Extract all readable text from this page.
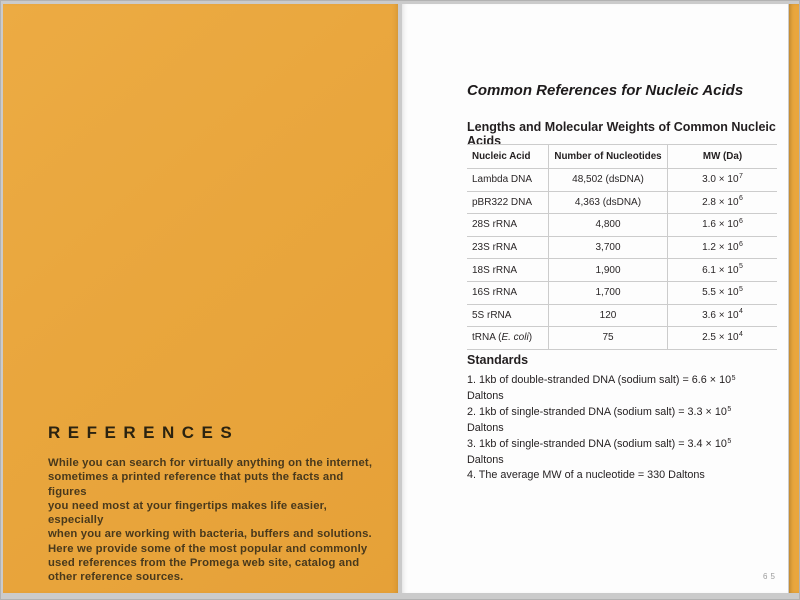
REFERENCES
While you can search for virtually anything on the internet,
sometimes a printed reference that puts the facts and figures
you need most at your fingertips makes life easier, especially
when you are working with bacteria, buffers and solutions.
Here we provide some of the most popular and commonly
used references from the Promega web site, catalog and
other reference sources.
Common References for Nucleic Acids
Lengths and Molecular Weights of Common Nucleic Acids
Nucleic Acid	Number of Nucleotides	MW (Da)
Lambda DNA	48,502 (dsDNA)	3.0 × 10 7
pBR322 DNA	4,363 (dsDNA)	2.8 × 10 6
28S rRNA	4,800	1.6 × 10 6
23S rRNA	3,700	1.2 × 10 6
18S rRNA	1,900	6.1 × 10 5
16S rRNA	1,700	5.5 × 10 5
5S rRNA	120	3.6 × 10 4
tRNA ( E. coli )	75	2.5 × 10 4
Standards
1. 1kb of double-stranded DNA (sodium salt) = $6.6 \times 10^5$ Daltons
2. 1kb of single-stranded DNA (sodium salt) = $3.3 \times 10^5$ Daltons
3. 1kb of single-stranded DNA (sodium salt) = $3.4 \times 10^5$ Daltons
4. The average MW of a nucleotide = 330 Daltons
65
